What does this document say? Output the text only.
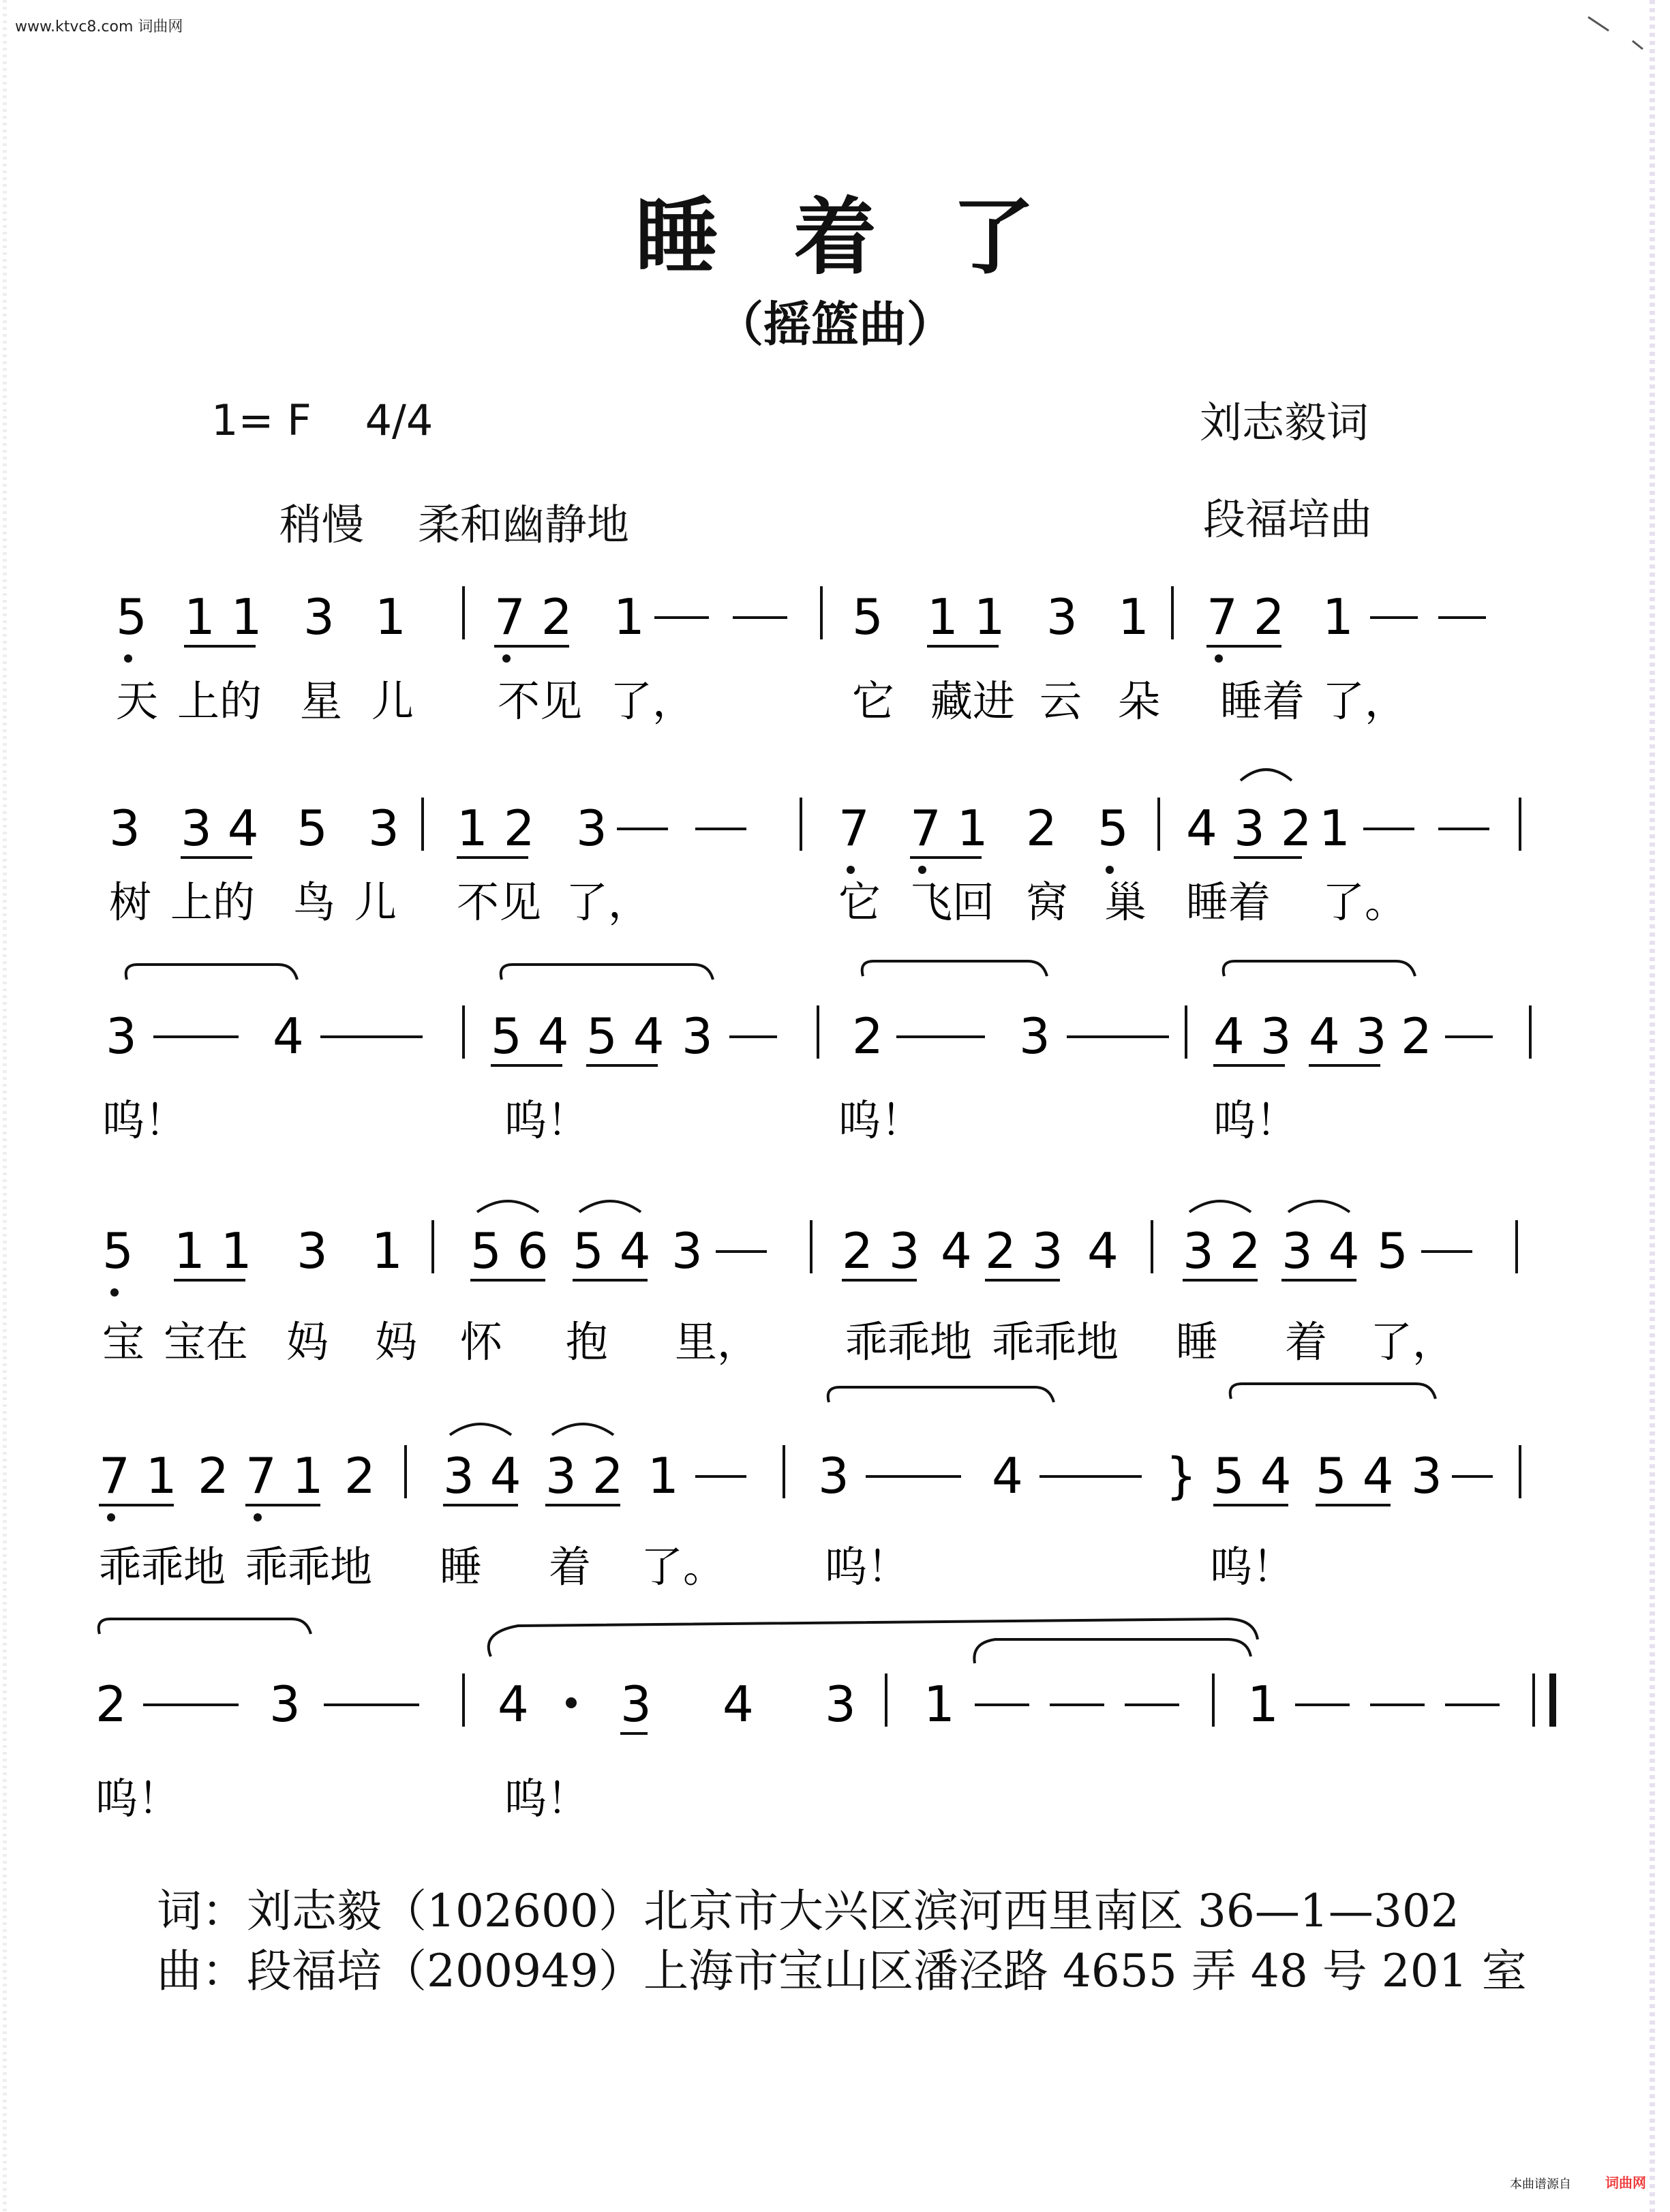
www.ktvc8.com 词曲网
睡着了
（摇篮曲）
1= F    4/4	刘志毅词
稍慢    柔和幽静地	段福培曲
5 1 1 3 1 7 2 1	5 1 1 3 1 7 2 1
天 上的 星 儿 不见 了，	它 藏进 云 朵 睡着 了，
3 3 4 5 3 1 2 3	7 7 1 2 5 4 3 2 1
树 上的 鸟 儿 不见 了，	它 飞回 窝 巢 睡着 了。
3	4	5 4 5 4 3	2	3	4 3 4 3 2
呜！	呜！	呜！	呜！
5 1 1 3 1 5 6 5 4 3	2 3 4 2 3 4 3 2 3 4 5
宝 宝在 妈 妈 怀 抱 里， 乖乖地 乖乖地 睡 着 了，
7 1 2 7 1 2 3 4 3 2 1	3	4	5 4 5 4 3
乖乖地 乖乖地 睡 着 了。 呜！	呜！
}
2	3	4 3 4 3 1	1
呜！	呜！
词：刘志毅（102600）北京市大兴区滨河西里南区 36—1—302
曲：段福培（200949）上海市宝山区潘泾路 4655 弄 48 号 201 室
本曲谱源自	词曲网
